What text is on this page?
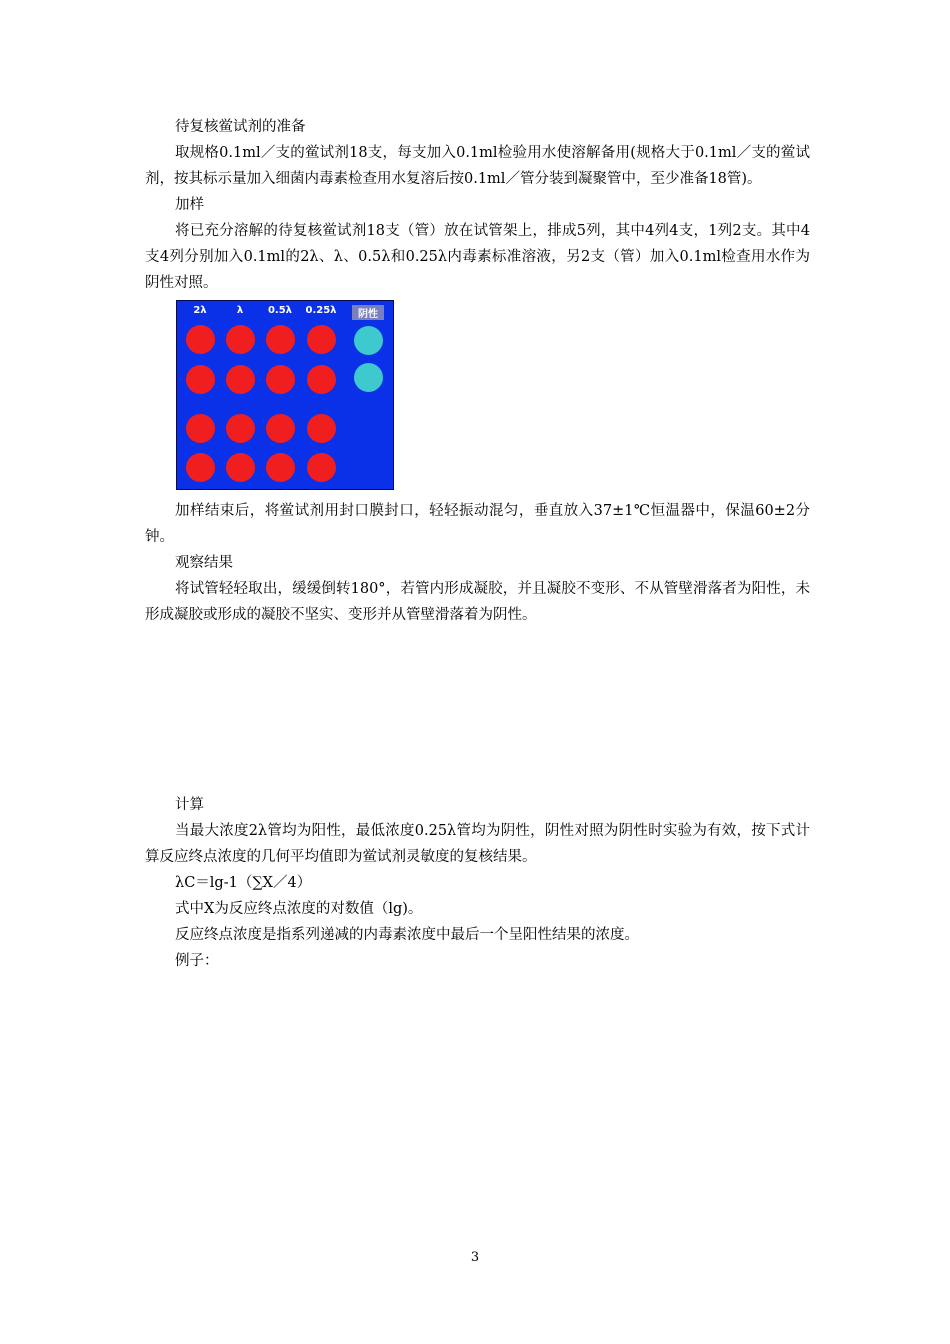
待复核鲎试剂的准备

取规格0.1ml／支的鲎试剂18支，每支加入0.1ml检验用水使溶解备用(规格大于0.1ml／支的鲎试剂，按其标示量加入细菌内毒素检查用水复溶后按0.1ml／管分装到凝聚管中，至少准备18管)。

加样

将已充分溶解的待复核鲎试剂18支（管）放在试管架上，排成5列，其中4列4支，1列2支。其中4支4列分别加入0.1ml的2λ、λ、0.5λ和0.25λ内毒素标准溶液，另2支（管）加入0.1ml检查用水作为阴性对照。

2λ	λ	0.5λ	0.25λ	阴性

加样结束后，将鲎试剂用封口膜封口，轻轻振动混匀，垂直放入37±1℃恒温器中，保温60±2分钟。

观察结果

将试管轻轻取出，缓缓倒转180°，若管内形成凝胶，并且凝胶不变形、不从管壁滑落者为阳性，未形成凝胶或形成的凝胶不坚实、变形并从管壁滑落着为阴性。

计算

当最大浓度2λ管均为阳性，最低浓度0.25λ管均为阴性，阴性对照为阴性时实验为有效，按下式计算反应终点浓度的几何平均值即为鲎试剂灵敏度的复核结果。

λC＝lg-1（∑X／4）

式中X为反应终点浓度的对数值（lg)。

反应终点浓度是指系列递减的内毒素浓度中最后一个呈阳性结果的浓度。

例子：

3
